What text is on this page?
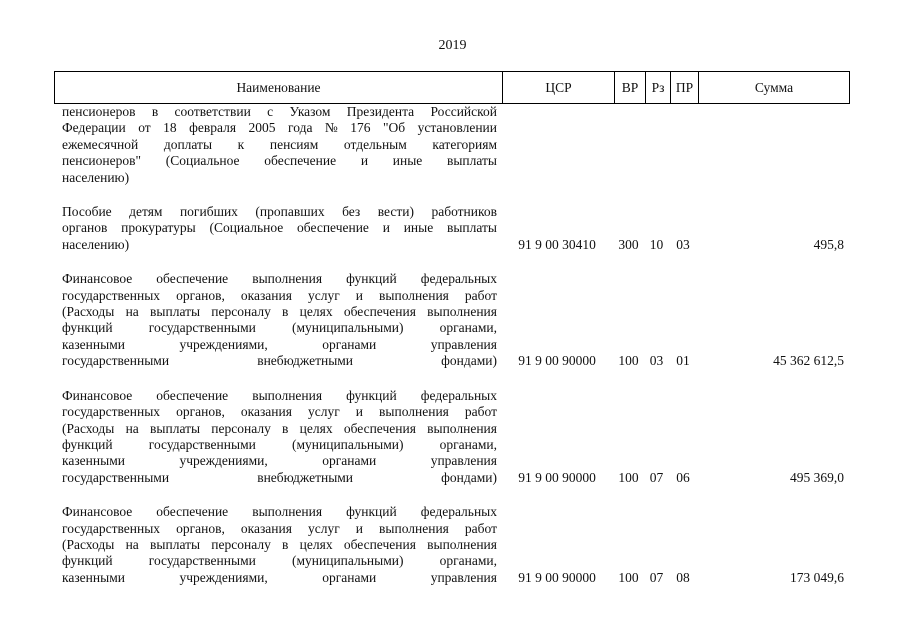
2019
Наименование	ЦСР	ВР Рз ПР	Сумма
пенсионеров в соответствии с Указом Президента Российской
Федерации от 18 февраля 2005 года № 176 "Об установлении
ежемесячной доплаты к пенсиям отдельным категориям
пенсионеров" (Социальное обеспечение и иные выплаты
населению)
Пособие детям погибших (пропавших без вести) работников
органов прокуратуры (Социальное обеспечение и иные выплаты
населению)	91 9 00 30410	300 10 03	495,8
Финансовое обеспечение выполнения функций федеральных
государственных органов, оказания услуг и выполнения работ
(Расходы на выплаты персоналу в целях обеспечения выполнения
функций государственными (муниципальными) органами,
казенными учреждениями, органами управления
государственными внебюджетными фондами)	91 9 00 90000	100 03 01	45 362 612,5
Финансовое обеспечение выполнения функций федеральных
государственных органов, оказания услуг и выполнения работ
(Расходы на выплаты персоналу в целях обеспечения выполнения
функций государственными (муниципальными) органами,
казенными учреждениями, органами управления
государственными внебюджетными фондами)	91 9 00 90000	100 07 06	495 369,0
Финансовое обеспечение выполнения функций федеральных
государственных органов, оказания услуг и выполнения работ
(Расходы на выплаты персоналу в целях обеспечения выполнения
функций государственными (муниципальными) органами,
казенными учреждениями, органами управления	91 9 00 90000	100 07 08	173 049,6
